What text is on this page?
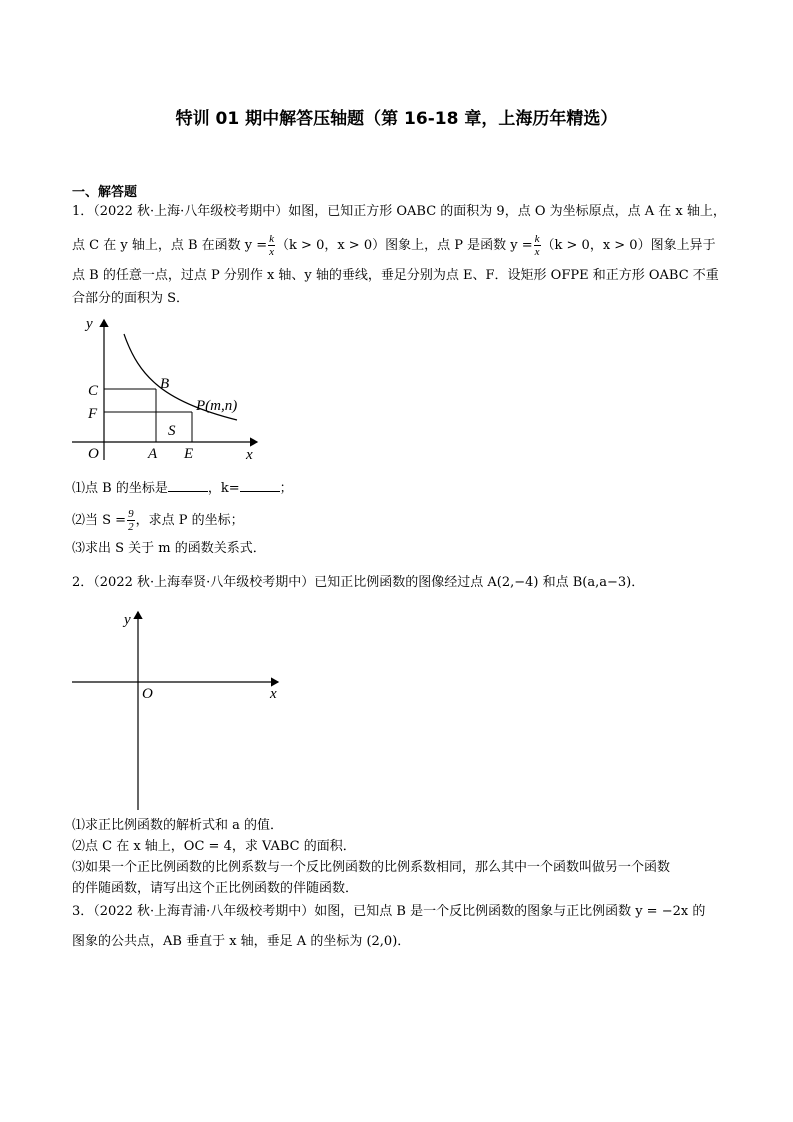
特训 01 期中解答压轴题（第 16-18 章，上海历年精选）
一、解答题
1．（2022 秋·上海·八年级校考期中）如图，已知正方形 OABC 的面积为 9，点 O 为坐标原点，点 A 在 x 轴上，
点 C 在 y 轴上，点 B 在函数 $y = \frac{k}{x} (k > 0$，x > 0）图象上，点 P 是函数 $y = \frac{k}{x} (k > 0$，x > 0）图象上异于
点 B 的任意一点，过点 P 分别作 x 轴、y 轴的垂线，垂足分别为点 E、F．设矩形 OFPE 和正方形 OABC 不重
合部分的面积为 S．
y
x
O
C
F
B
P(m,n)
S
A E
⑴点 B 的坐标是	，k=	；
⑵当 $S = \frac{9}{2}$ ，求点 P 的坐标；
⑶求出 S 关于 m 的函数关系式．
2．（2022 秋·上海奉贤·八年级校考期中）已知正比例函数的图像经过点 A(2,−4) 和点 B(a,a−3)．
y
x
O
⑴求正比例函数的解析式和 a 的值．
⑵点 C 在 x 轴上，OC = 4，求 VABC 的面积．
⑶如果一个正比例函数的比例系数与一个反比例函数的比例系数相同，那么其中一个函数叫做另一个函数
的伴随函数，请写出这个正比例函数的伴随函数．
3．（2022 秋·上海青浦·八年级校考期中）如图，已知点 B 是一个反比例函数的图象与正比例函数 y = −2x 的
图象的公共点，AB 垂直于 x 轴，垂足 A 的坐标为 (2,0)．
